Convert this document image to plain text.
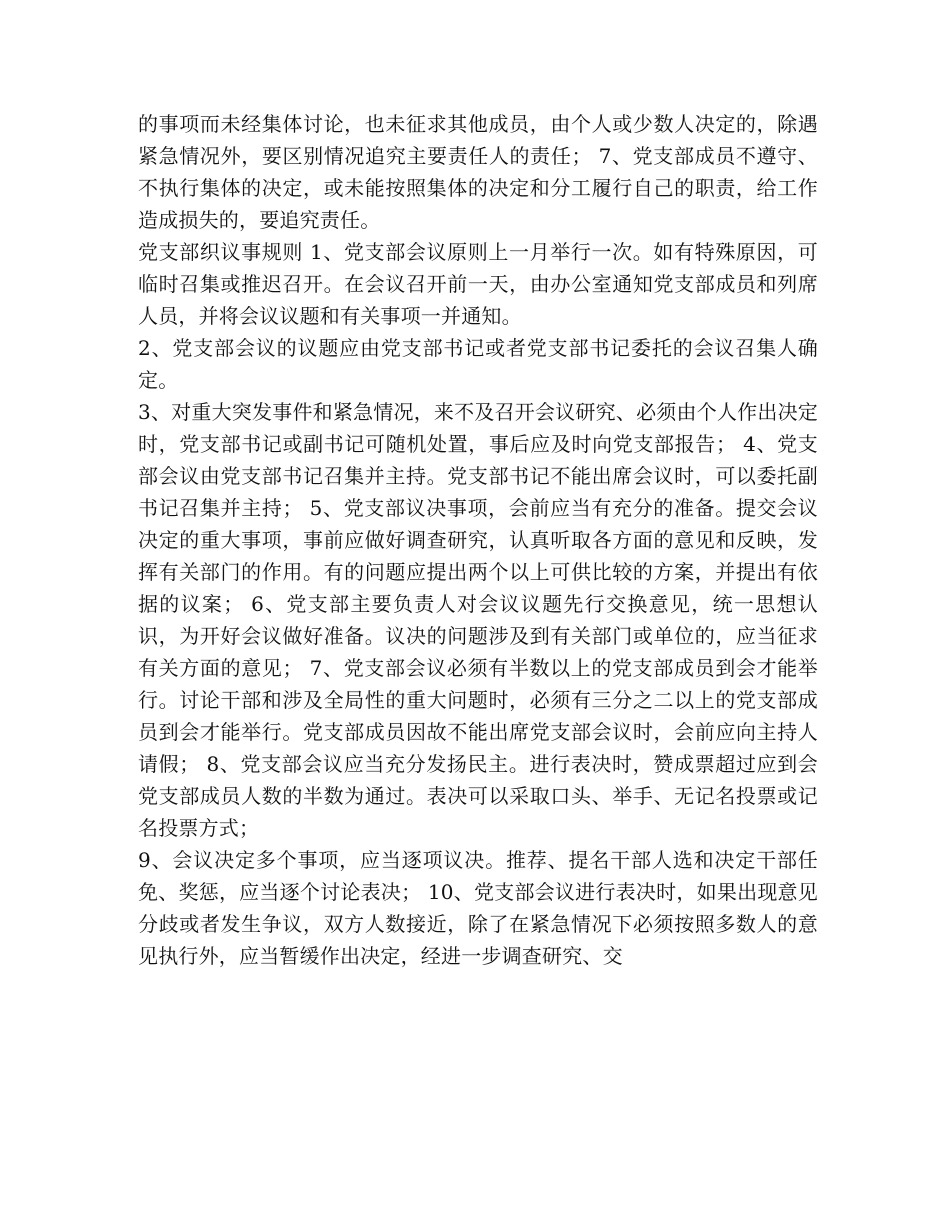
的事项而未经集体讨论，也未征求其他成员，由个人或少数人决定的，除遇紧急情况外，要区别情况追究主要责任人的责任； 7、党支部成员不遵守、不执行集体的决定，或未能按照集体的决定和分工履行自己的职责，给工作造成损失的，要追究责任。

党支部织议事规则 1、党支部会议原则上一月举行一次。如有特殊原因，可临时召集或推迟召开。在会议召开前一天，由办公室通知党支部成员和列席人员，并将会议议题和有关事项一并通知。

2、党支部会议的议题应由党支部书记或者党支部书记委托的会议召集人确定。

3、对重大突发事件和紧急情况，来不及召开会议研究、必须由个人作出决定时，党支部书记或副书记可随机处置，事后应及时向党支部报告； 4、党支部会议由党支部书记召集并主持。党支部书记不能出席会议时，可以委托副书记召集并主持； 5、党支部议决事项，会前应当有充分的准备。提交会议决定的重大事项，事前应做好调查研究，认真听取各方面的意见和反映，发挥有关部门的作用。有的问题应提出两个以上可供比较的方案，并提出有依据的议案； 6、党支部主要负责人对会议议题先行交换意见，统一思想认识，为开好会议做好准备。议决的问题涉及到有关部门或单位的，应当征求有关方面的意见； 7、党支部会议必须有半数以上的党支部成员到会才能举行。讨论干部和涉及全局性的重大问题时，必须有三分之二以上的党支部成员到会才能举行。党支部成员因故不能出席党支部会议时，会前应向主持人请假； 8、党支部会议应当充分发扬民主。进行表决时，赞成票超过应到会党支部成员人数的半数为通过。表决可以采取口头、举手、无记名投票或记名投票方式；

9、会议决定多个事项，应当逐项议决。推荐、提名干部人选和决定干部任免、奖惩，应当逐个讨论表决； 10、党支部会议进行表决时，如果出现意见分歧或者发生争议，双方人数接近，除了在紧急情况下必须按照多数人的意见执行外，应当暂缓作出决定，经进一步调查研究、交
